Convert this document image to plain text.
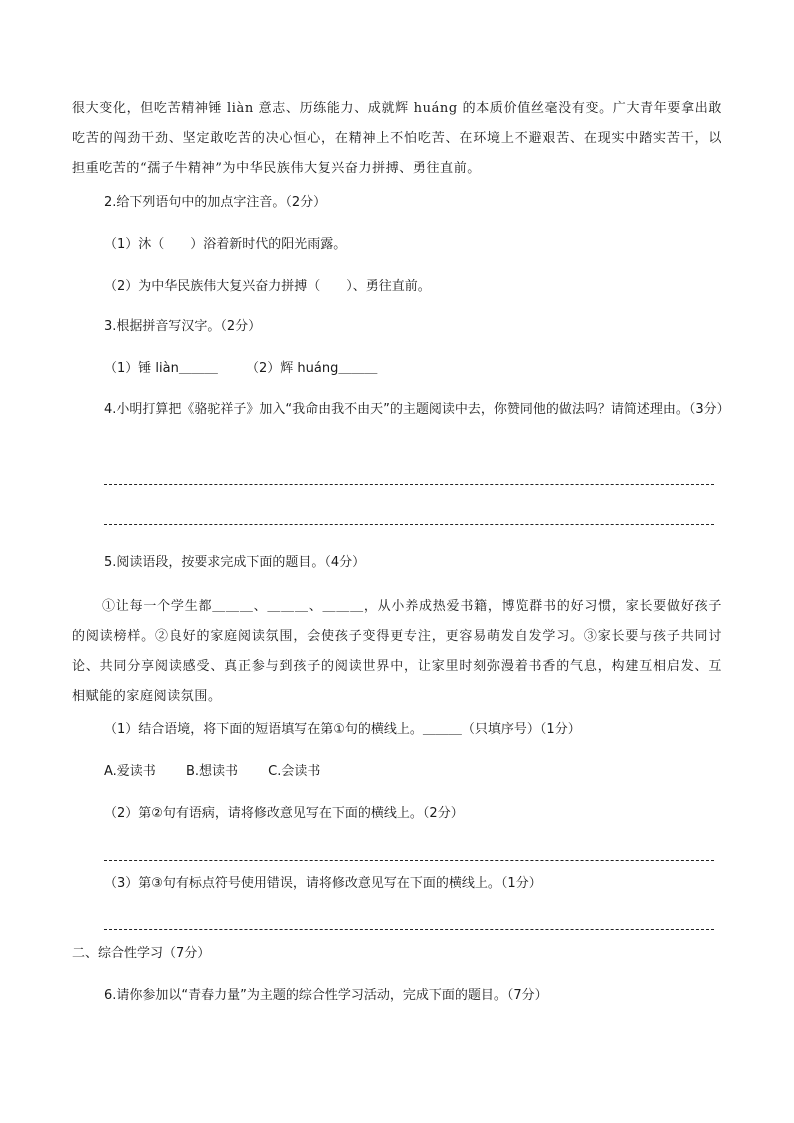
很大变化，但吃苦精神锤 liàn 意志、历练能力、成就辉 huáng 的本质价值丝毫没有变。广大青年要拿出敢吃苦的闯劲干劲、坚定敢吃苦的决心恒心，在精神上不怕吃苦、在环境上不避艰苦、在现实中踏实苦干，以担重吃苦的“孺子牛精神”为中华民族伟大复兴奋力拼搏、勇往直前。

2.给下列语句中的加点字注音。（2分）

（1）沐（　　）浴着新时代的阳光雨露。

（2）为中华民族伟大复兴奋力拼搏（　　）、勇往直前。

3.根据拼音写汉字。（2分）

（1）锤 liàn＿＿＿ （2）辉 huáng＿＿＿

4.小明打算把《骆驼祥子》加入“我命由我不由天”的主题阅读中去，你赞同他的做法吗？请简述理由。（3分）

5.阅读语段，按要求完成下面的题目。（4分）

①让每一个学生都＿＿＿、＿＿＿、＿＿＿，从小养成热爱书籍，博览群书的好习惯，家长要做好孩子的阅读榜样。②良好的家庭阅读氛围，会使孩子变得更专注，更容易萌发自发学习。③家长要与孩子共同讨论、共同分享阅读感受、真正参与到孩子的阅读世界中，让家里时刻弥漫着书香的气息，构建互相启发、互相赋能的家庭阅读氛围。

（1）结合语境，将下面的短语填写在第①句的横线上。＿＿＿（只填序号）（1分）

A.爱读书 B.想读书 C.会读书

（2）第②句有语病，请将修改意见写在下面的横线上。（2分）

（3）第③句有标点符号使用错误，请将修改意见写在下面的横线上。（1分）

二、综合性学习（7分）

6.请你参加以“青春力量”为主题的综合性学习活动，完成下面的题目。（7分）
